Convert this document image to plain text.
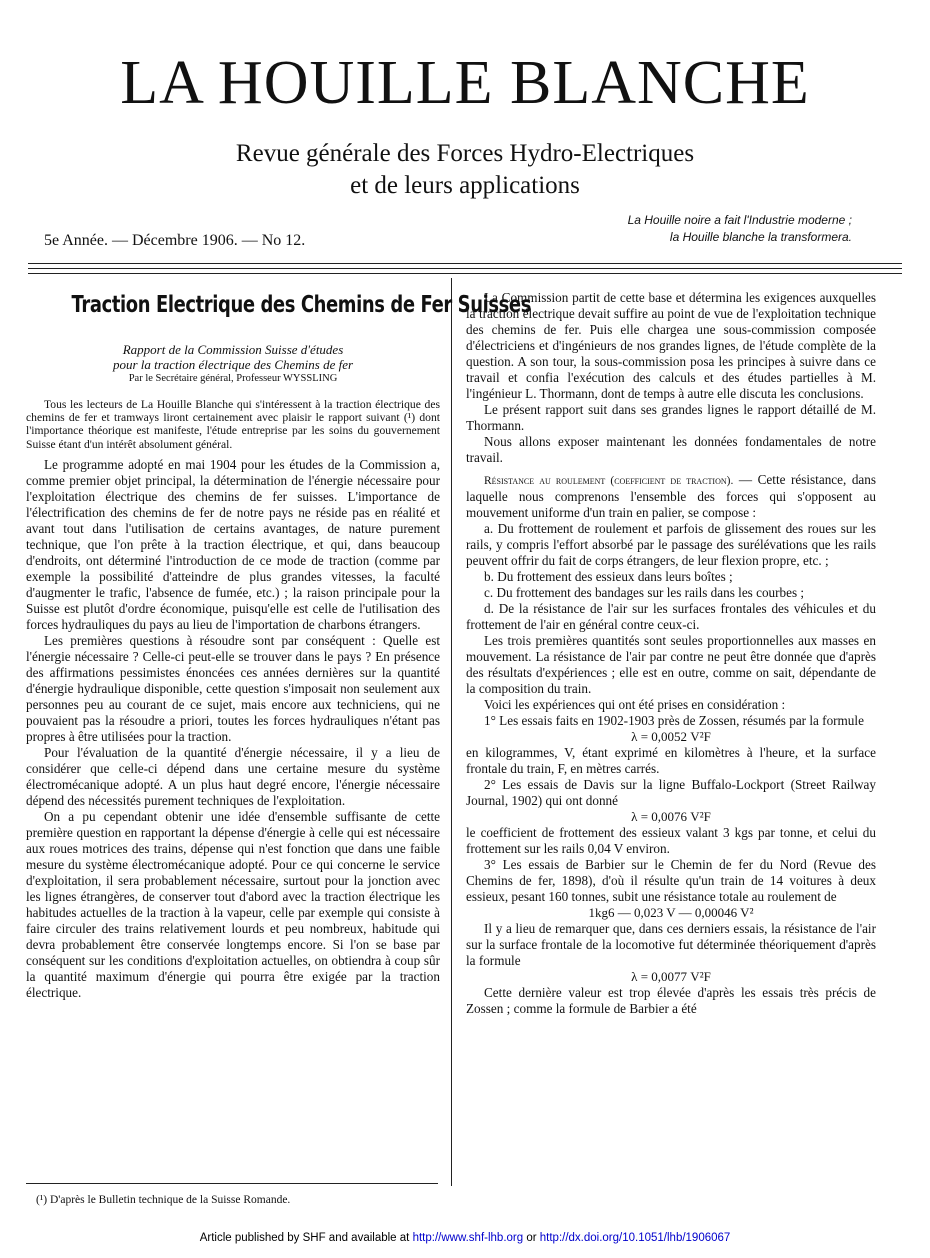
LA HOUILLE BLANCHE
Revue générale des Forces Hydro-Electriques
et de leurs applications
5e Année. — Décembre 1906. — No 12.
La Houille noire a fait l'Industrie moderne ;
la Houille blanche la transformera.
Traction Electrique des Chemins de Fer Suisses
Rapport de la Commission Suisse d'études
pour la traction électrique des Chemins de fer
Par le Secrétaire général, Professeur WYSSLING

Tous les lecteurs de La Houille Blanche qui s'intéressent à la traction électrique des chemins de fer et tramways liront certainement avec plaisir le rapport suivant (¹) dont l'importance théorique est manifeste, l'étude entreprise par les soins du gouvernement Suisse étant d'un intérêt absolument général.

Le programme adopté en mai 1904 pour les études de la Commission a, comme premier objet principal, la détermination de l'énergie nécessaire pour l'exploitation électrique des chemins de fer suisses. L'importance de l'électrification des chemins de fer de notre pays ne réside pas en réalité et avant tout dans l'utilisation de certains avantages, de nature purement technique, que l'on prête à la traction électrique, et qui, dans beaucoup d'endroits, ont déterminé l'introduction de ce mode de traction (comme par exemple la possibilité d'atteindre de plus grandes vitesses, la faculté d'augmenter le trafic, l'absence de fumée, etc.) ; la raison principale pour la Suisse est plutôt d'ordre économique, puisqu'elle est celle de l'utilisation des forces hydrauliques du pays au lieu de l'importation de charbons étrangers.

Les premières questions à résoudre sont par conséquent : Quelle est l'énergie nécessaire ? Celle-ci peut-elle se trouver dans le pays ? En présence des affirmations pessimistes énoncées ces années dernières sur la quantité d'énergie hydraulique disponible, cette question s'imposait non seulement aux personnes peu au courant de ce sujet, mais encore aux techniciens, qui ne pouvaient pas la résoudre a priori, toutes les forces hydrauliques n'étant pas propres à être utilisées pour la traction.

Pour l'évaluation de la quantité d'énergie nécessaire, il y a lieu de considérer que celle-ci dépend dans une certaine mesure du système électromécanique adopté. A un plus haut degré encore, l'énergie nécessaire dépend des nécessités purement techniques de l'exploitation.

On a pu cependant obtenir une idée d'ensemble suffisante de cette première question en rapportant la dépense d'énergie à celle qui est nécessaire aux roues motrices des trains, dépense qui n'est fonction que dans une faible mesure du système électromécanique adopté. Pour ce qui concerne le service d'exploitation, il sera probablement nécessaire, surtout pour la jonction avec les lignes étrangères, de conserver tout d'abord avec la traction électrique les habitudes actuelles de la traction à la vapeur, celle par exemple qui consiste à faire circuler des trains relativement lourds et peu nombreux, habitude qui devra probablement être conservée longtemps encore. Si l'on se base par conséquent sur les conditions d'exploitation actuelles, on obtiendra à coup sûr la quantité maximum d'énergie qui pourra être exigée par la traction électrique.

La Commission partit de cette base et détermina les exigences auxquelles la traction électrique devait suffire au point de vue de l'exploitation technique des chemins de fer. Puis elle chargea une sous-commission composée d'électriciens et d'ingénieurs de nos grandes lignes, de l'étude complète de la question. A son tour, la sous-commission posa les principes à suivre dans ce travail et confia l'exécution des calculs et des études partielles à M. l'ingénieur L. Thormann, dont de temps à autre elle discuta les conclusions.

Le présent rapport suit dans ses grandes lignes le rapport détaillé de M. Thormann.

Nous allons exposer maintenant les données fondamentales de notre travail.

Résistance au roulement (coefficient de traction). — Cette résistance, dans laquelle nous comprenons l'ensemble des forces qui s'opposent au mouvement uniforme d'un train en palier, se compose :

a. Du frottement de roulement et parfois de glissement des roues sur les rails, y compris l'effort absorbé par le passage des surélévations que les rails peuvent offrir du fait de corps étrangers, de leur flexion propre, etc. ;

b. Du frottement des essieux dans leurs boîtes ;

c. Du frottement des bandages sur les rails dans les courbes ;

d. De la résistance de l'air sur les surfaces frontales des véhicules et du frottement de l'air en général contre ceux-ci.

Les trois premières quantités sont seules proportionnelles aux masses en mouvement. La résistance de l'air par contre ne peut être donnée que d'après des résultats d'expériences ; elle est en outre, comme on sait, dépendante de la composition du train.

Voici les expériences qui ont été prises en considération :

1° Les essais faits en 1902-1903 près de Zossen, résumés par la formule

λ = 0,0052 V²F

en kilogrammes, V, étant exprimé en kilomètres à l'heure, et la surface frontale du train, F, en mètres carrés.

2° Les essais de Davis sur la ligne Buffalo-Lockport (Street Railway Journal, 1902) qui ont donné

λ = 0,0076 V²F

le coefficient de frottement des essieux valant 3 kgs par tonne, et celui du frottement sur les rails 0,04 V environ.

3° Les essais de Barbier sur le Chemin de fer du Nord (Revue des Chemins de fer, 1898), d'où il résulte qu'un train de 14 voitures à deux essieux, pesant 160 tonnes, subit une résistance totale au roulement de

1kg6 — 0,023 V — 0,00046 V²

Il y a lieu de remarquer que, dans ces derniers essais, la résistance de l'air sur la surface frontale de la locomotive fut déterminée théoriquement d'après la formule

λ = 0,0077 V²F

Cette dernière valeur est trop élevée d'après les essais très précis de Zossen ; comme la formule de Barbier a été

(¹) D'après le Bulletin technique de la Suisse Romande.
Article published by SHF and available at http://www.shf-lhb.org or http://dx.doi.org/10.1051/lhb/1906067
